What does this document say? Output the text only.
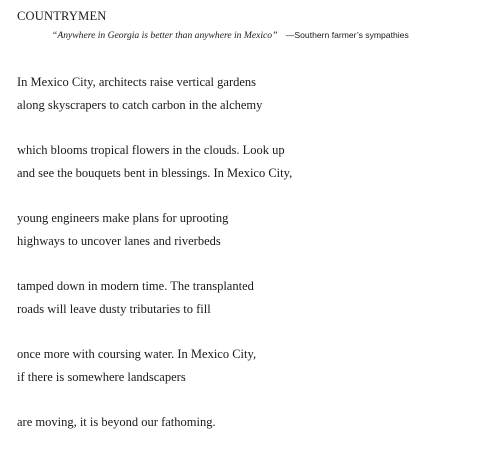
COUNTRYMEN
“Anywhere in Georgia is better than anywhere in Mexico” —Southern farmer’s sympathies
In Mexico City, architects raise vertical gardens
along skyscrapers to catch carbon in the alchemy
which blooms tropical flowers in the clouds. Look up
and see the bouquets bent in blessings. In Mexico City,
young engineers make plans for uprooting
highways to uncover lanes and riverbeds
tamped down in modern time. The transplanted
roads will leave dusty tributaries to fill
once more with coursing water. In Mexico City,
if there is somewhere landscapers
are moving, it is beyond our fathoming.
